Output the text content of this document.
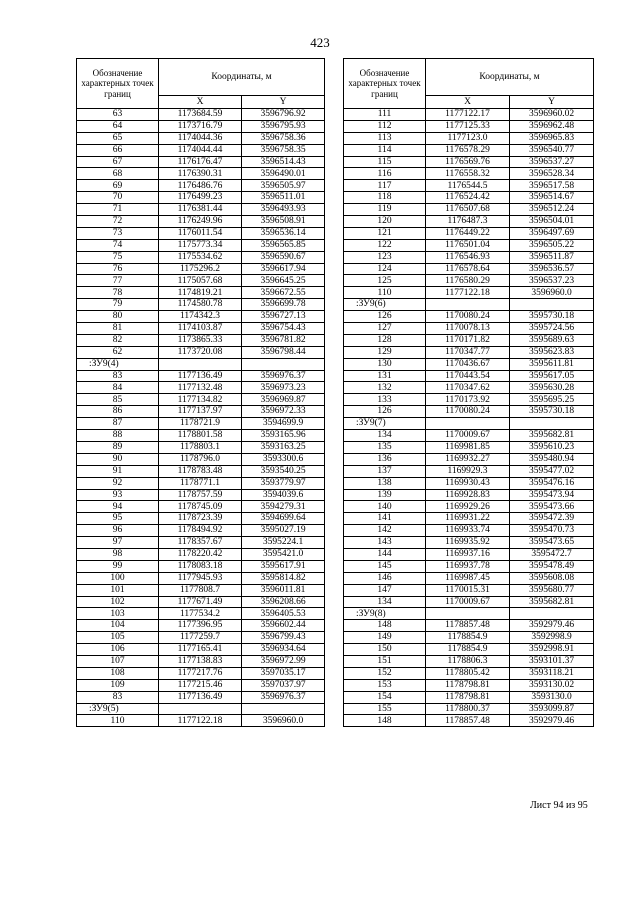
423
Обозначение характерных точек границ	Координаты, м	
	X	Y
63	1173684.59	3596796.92
64	1173716.79	3596795.93
65	1174044.36	3596758.36
66	1174044.44	3596758.35
67	1176176.47	3596514.43
68	1176390.31	3596490.01
69	1176486.76	3596505.97
70	1176499.23	3596511.01
71	1176381.44	3596493.93
72	1176249.96	3596508.91
73	1176011.54	3596536.14
74	1175773.34	3596565.85
75	1175534.62	3596590.67
76	1175296.2	3596617.94
77	1175057.68	3596645.25
78	1174819.21	3596672.55
79	1174580.78	3596699.78
80	1174342.3	3596727.13
81	1174103.87	3596754.43
82	1173865.33	3596781.82
62	1173720.08	3596798.44
:ЗУ9(4)		
83	1177136.49	3596976.37
84	1177132.48	3596973.23
85	1177134.82	3596969.87
86	1177137.97	3596972.33
87	1178721.9	3594699.9
88	1178801.58	3593165.96
89	1178803.1	3593163.25
90	1178796.0	3593300.6
91	1178783.48	3593540.25
92	1178771.1	3593779.97
93	1178757.59	3594039.6
94	1178745.09	3594279.31
95	1178723.39	3594699.64
96	1178494.92	3595027.19
97	1178357.67	3595224.1
98	1178220.42	3595421.0
99	1178083.18	3595617.91
100	1177945.93	3595814.82
101	1177808.7	3596011.81
102	1177671.49	3596208.66
103	1177534.2	3596405.53
104	1177396.95	3596602.44
105	1177259.7	3596799.43
106	1177165.41	3596934.64
107	1177138.83	3596972.99
108	1177217.76	3597035.17
109	1177215.46	3597037.97
83	1177136.49	3596976.37
:ЗУ9(5)		
110	1177122.18	3596960.0
Обозначение характерных точек границ	Координаты, м	
	X	Y
111	1177122.17	3596960.02
112	1177125.33	3596962.48
113	1177123.0	3596965.83
114	1176578.29	3596540.77
115	1176569.76	3596537.27
116	1176558.32	3596528.34
117	1176544.5	3596517.58
118	1176524.42	3596514.67
119	1176507.68	3596512.24
120	1176487.3	3596504.01
121	1176449.22	3596497.69
122	1176501.04	3596505.22
123	1176546.93	3596511.87
124	1176578.64	3596536.57
125	1176580.29	3596537.23
110	1177122.18	3596960.0
:ЗУ9(6)		
126	1170080.24	3595730.18
127	1170078.13	3595724.56
128	1170171.82	3595689.63
129	1170347.77	3595623.83
130	1170436.67	3595611.81
131	1170443.54	3595617.05
132	1170347.62	3595630.28
133	1170173.92	3595695.25
126	1170080.24	3595730.18
:ЗУ9(7)		
134	1170009.67	3595682.81
135	1169981.85	3595610.23
136	1169932.27	3595480.94
137	1169929.3	3595477.02
138	1169930.43	3595476.16
139	1169928.83	3595473.94
140	1169929.26	3595473.66
141	1169931.22	3595472.39
142	1169933.74	3595470.73
143	1169935.92	3595473.65
144	1169937.16	3595472.7
145	1169937.78	3595478.49
146	1169987.45	3595608.08
147	1170015.31	3595680.77
134	1170009.67	3595682.81
:ЗУ9(8)		
148	1178857.48	3592979.46
149	1178854.9	3592998.9
150	1178854.9	3592998.91
151	1178806.3	3593101.37
152	1178805.42	3593118.21
153	1178798.81	3593130.02
154	1178798.81	3593130.0
155	1178800.37	3593099.87
148	1178857.48	3592979.46
Лист 94 из 95
